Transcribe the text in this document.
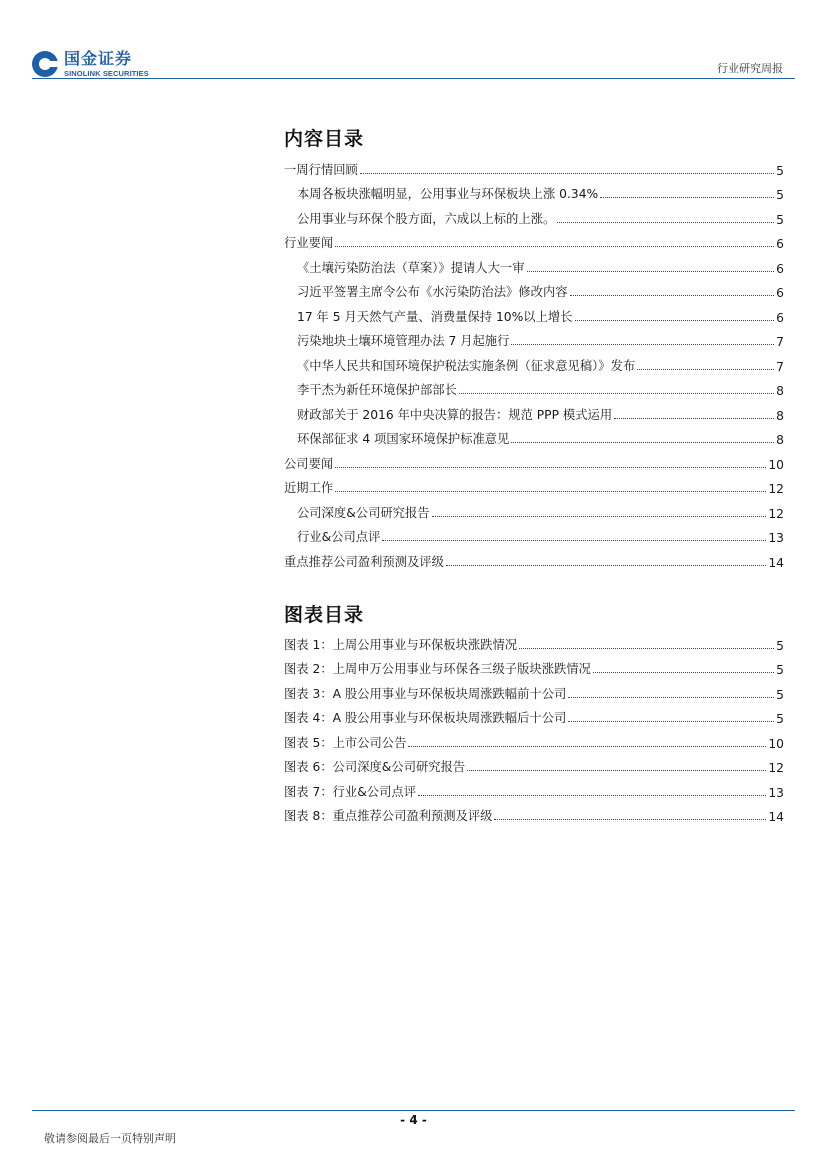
国金证券
SINOLINK SECURITIES	行业研究周报
内容目录
一周行情回顾	5
本周各板块涨幅明显，公用事业与环保板块上涨 0.34%	5
公用事业与环保个股方面，六成以上标的上涨。	5
行业要闻	6
《土壤污染防治法（草案）》提请人大一审	6
习近平签署主席令公布《水污染防治法》修改内容	6
17 年 5 月天然气产量、消费量保持 10%以上增长	6
污染地块土壤环境管理办法 7 月起施行	7
《中华人民共和国环境保护税法实施条例（征求意见稿）》发布	7
李干杰为新任环境保护部部长	8
财政部关于 2016 年中央决算的报告：规范 PPP 模式运用	8
环保部征求 4 项国家环境保护标准意见	8
公司要闻	10
近期工作	12
公司深度&公司研究报告	12
行业&公司点评	13
重点推荐公司盈利预测及评级	14
图表目录
图表 1：上周公用事业与环保板块涨跌情况	5
图表 2：上周申万公用事业与环保各三级子版块涨跌情况	5
图表 3：A 股公用事业与环保板块周涨跌幅前十公司	5
图表 4：A 股公用事业与环保板块周涨跌幅后十公司	5
图表 5：上市公司公告	10
图表 6：公司深度&公司研究报告	12
图表 7：行业&公司点评	13
图表 8：重点推荐公司盈利预测及评级	14
- 4 -
敬请参阅最后一页特别声明
